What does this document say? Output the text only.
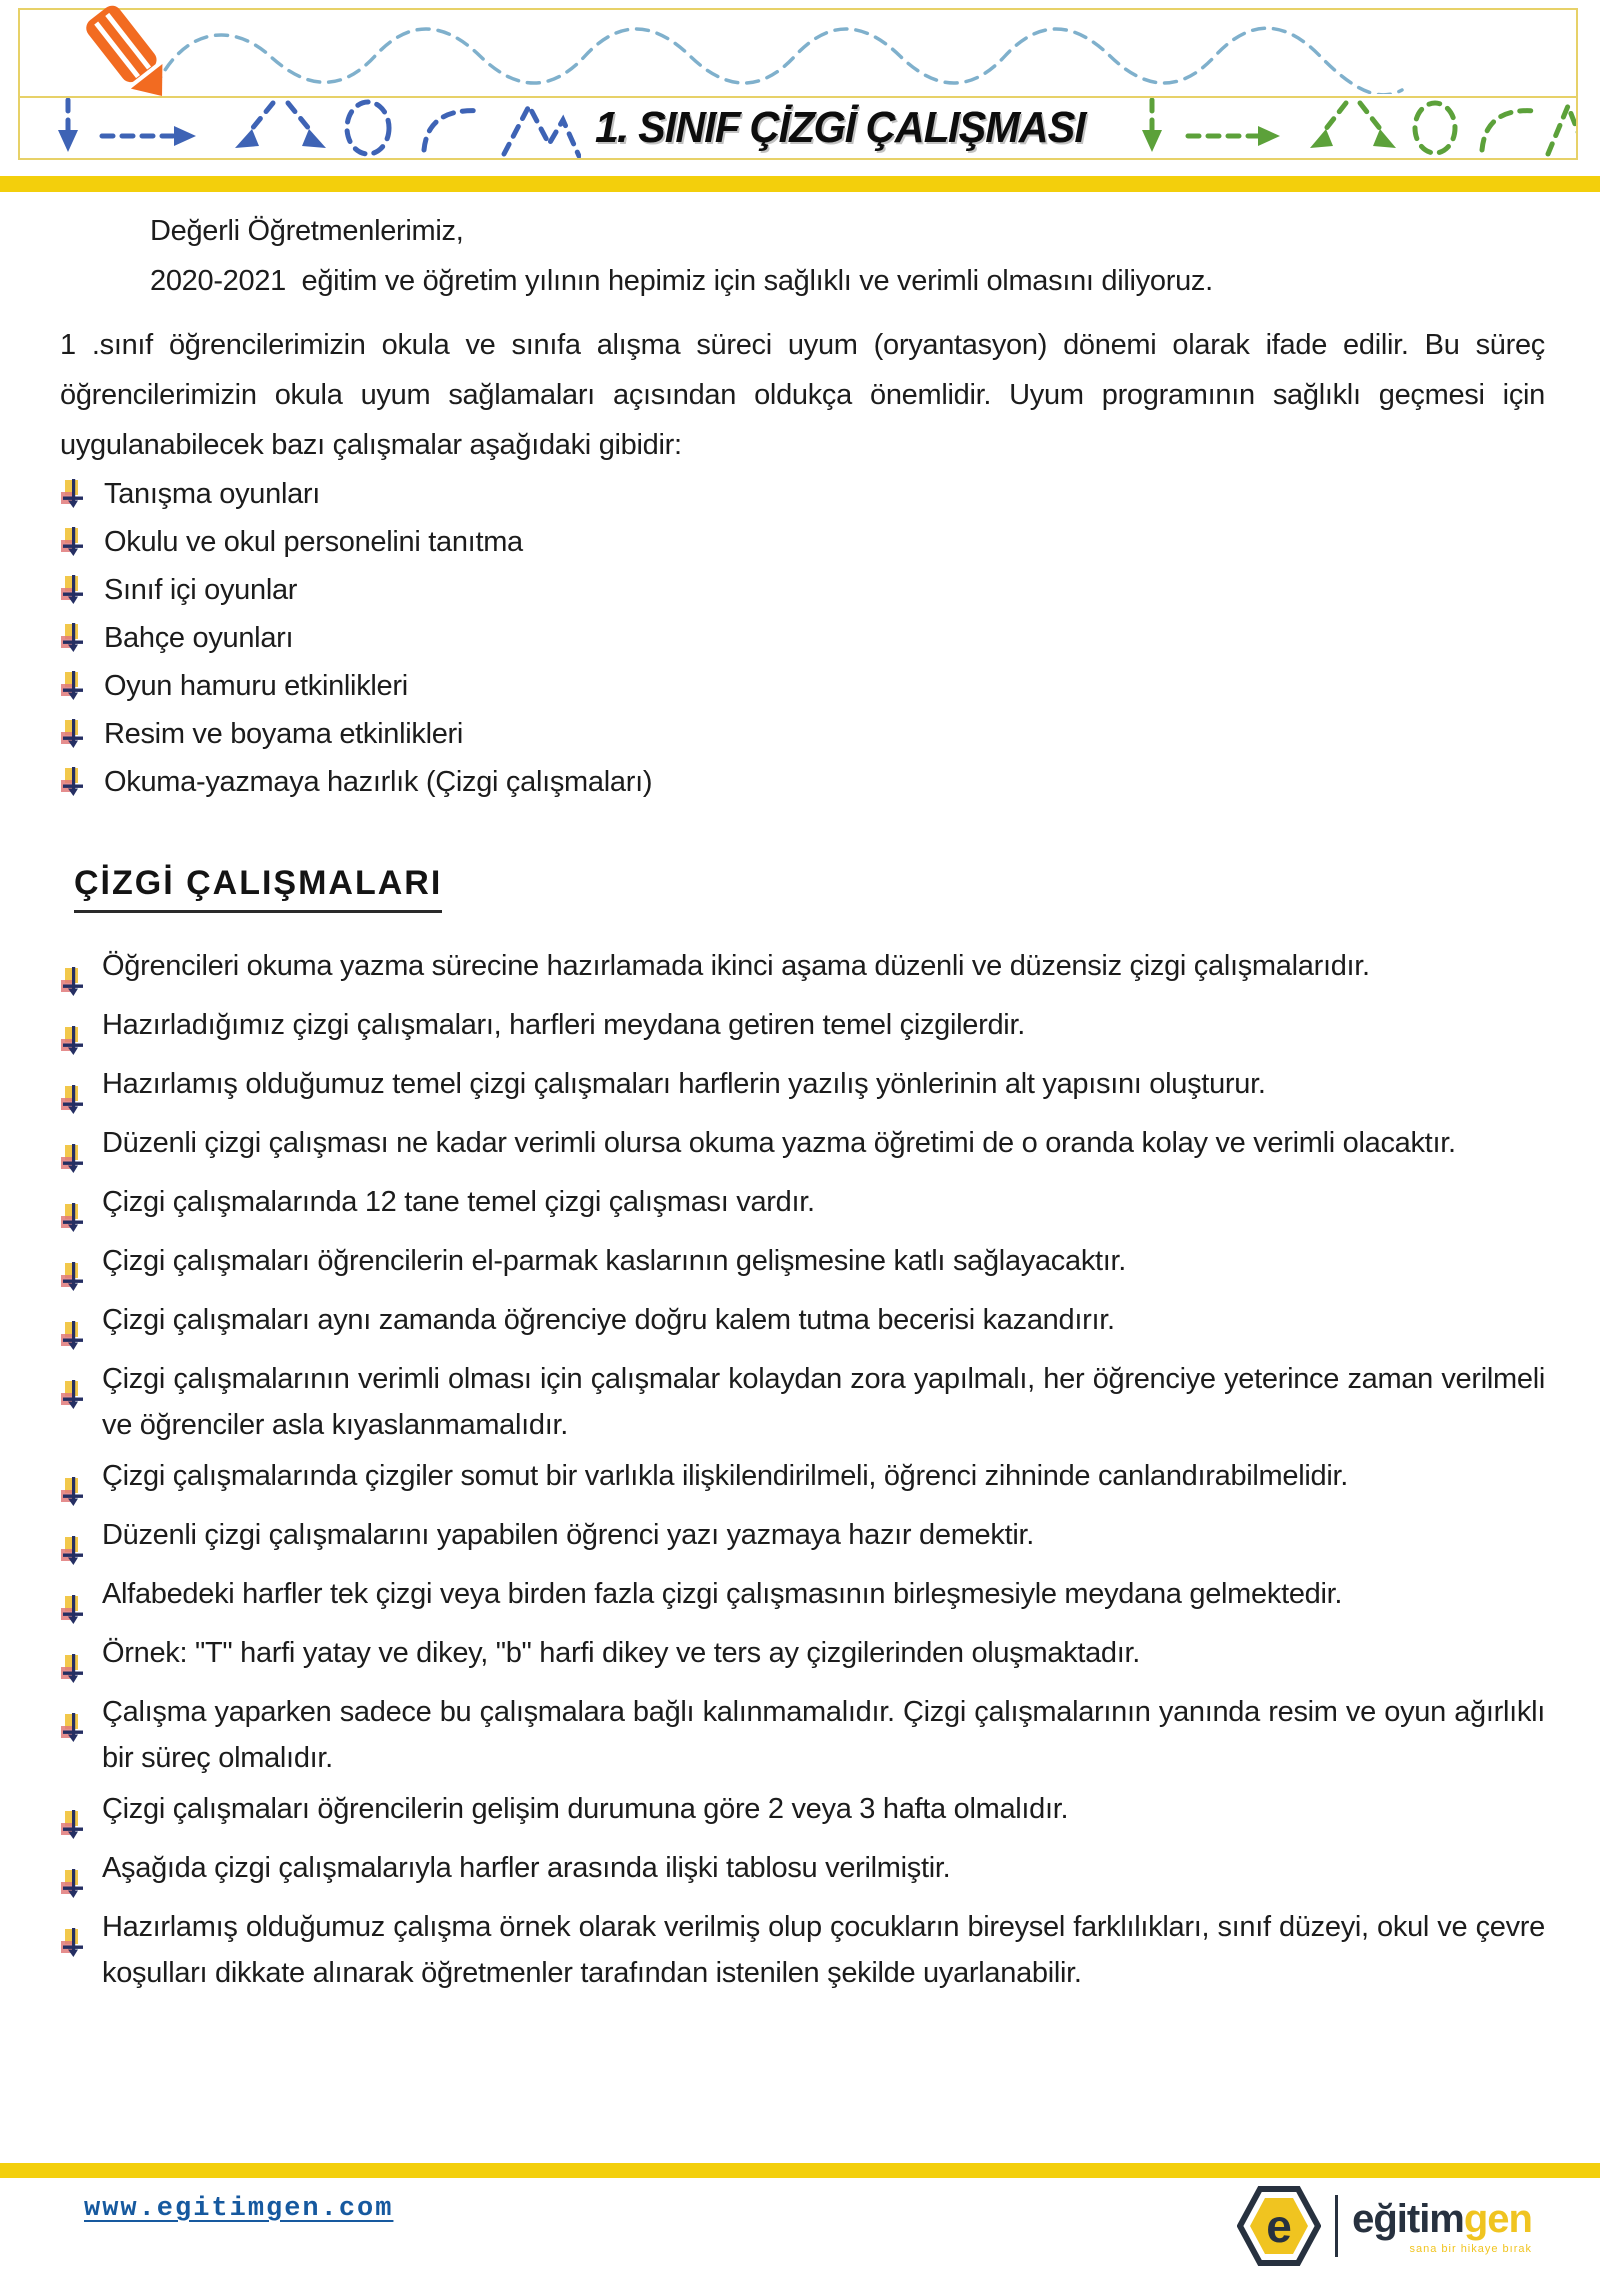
1. SINIF ÇİZGİ ÇALIŞMASI

Değerli Öğretmenlerimiz,

2020-2021  eğitim ve öğretim yılının hepimiz için sağlıklı ve verimli olmasını diliyoruz.

1 .sınıf öğrencilerimizin okula ve sınıfa alışma süreci uyum (oryantasyon) dönemi olarak ifade edilir. Bu süreç öğrencilerimizin okula uyum sağlamaları açısından oldukça önemlidir. Uyum programının sağlıklı geçmesi için uygulanabilecek bazı çalışmalar aşağıdaki gibidir:

Tanışma oyunları
Okulu ve okul personelini tanıtma
Sınıf içi oyunlar
Bahçe oyunları
Oyun hamuru etkinlikleri
Resim ve boyama etkinlikleri
Okuma-yazmaya hazırlık (Çizgi çalışmaları)
ÇİZGİ ÇALIŞMALARI
Öğrencileri okuma yazma sürecine hazırlamada ikinci aşama düzenli ve düzensiz çizgi çalışmalarıdır.
Hazırladığımız çizgi çalışmaları, harfleri meydana getiren temel çizgilerdir.
Hazırlamış olduğumuz temel çizgi çalışmaları harflerin yazılış yönlerinin alt yapısını oluşturur.
Düzenli çizgi çalışması ne kadar verimli olursa okuma yazma öğretimi de o oranda kolay ve verimli olacaktır.
Çizgi çalışmalarında 12 tane temel çizgi çalışması vardır.
Çizgi çalışmaları öğrencilerin el-parmak kaslarının gelişmesine katlı sağlayacaktır.
Çizgi çalışmaları aynı zamanda öğrenciye doğru kalem tutma becerisi kazandırır.
Çizgi çalışmalarının verimli olması için çalışmalar kolaydan zora yapılmalı, her öğrenciye yeterince zaman verilmeli ve öğrenciler asla kıyaslanmamalıdır.
Çizgi çalışmalarında çizgiler somut bir varlıkla ilişkilendirilmeli, öğrenci zihninde canlandırabilmelidir.
Düzenli çizgi çalışmalarını yapabilen öğrenci yazı yazmaya hazır demektir.
Alfabedeki harfler tek çizgi veya birden fazla çizgi çalışmasının birleşmesiyle meydana gelmektedir.
Örnek: "T" harfi yatay ve dikey, "b" harfi dikey ve ters ay çizgilerinden oluşmaktadır.
Çalışma yaparken sadece bu çalışmalara bağlı kalınmamalıdır. Çizgi çalışmalarının yanında resim ve oyun ağırlıklı bir süreç olmalıdır.
Çizgi çalışmaları öğrencilerin gelişim durumuna göre 2 veya 3 hafta olmalıdır.
Aşağıda çizgi çalışmalarıyla harfler arasında ilişki tablosu verilmiştir.
Hazırlamış olduğumuz çalışma örnek olarak verilmiş olup çocukların bireysel farklılıkları, sınıf düzeyi, okul ve çevre koşulları dikkate alınarak öğretmenler tarafından istenilen şekilde uyarlanabilir.
www.egitimgen.com	e eğitimgen
sana bir hikaye bırak
